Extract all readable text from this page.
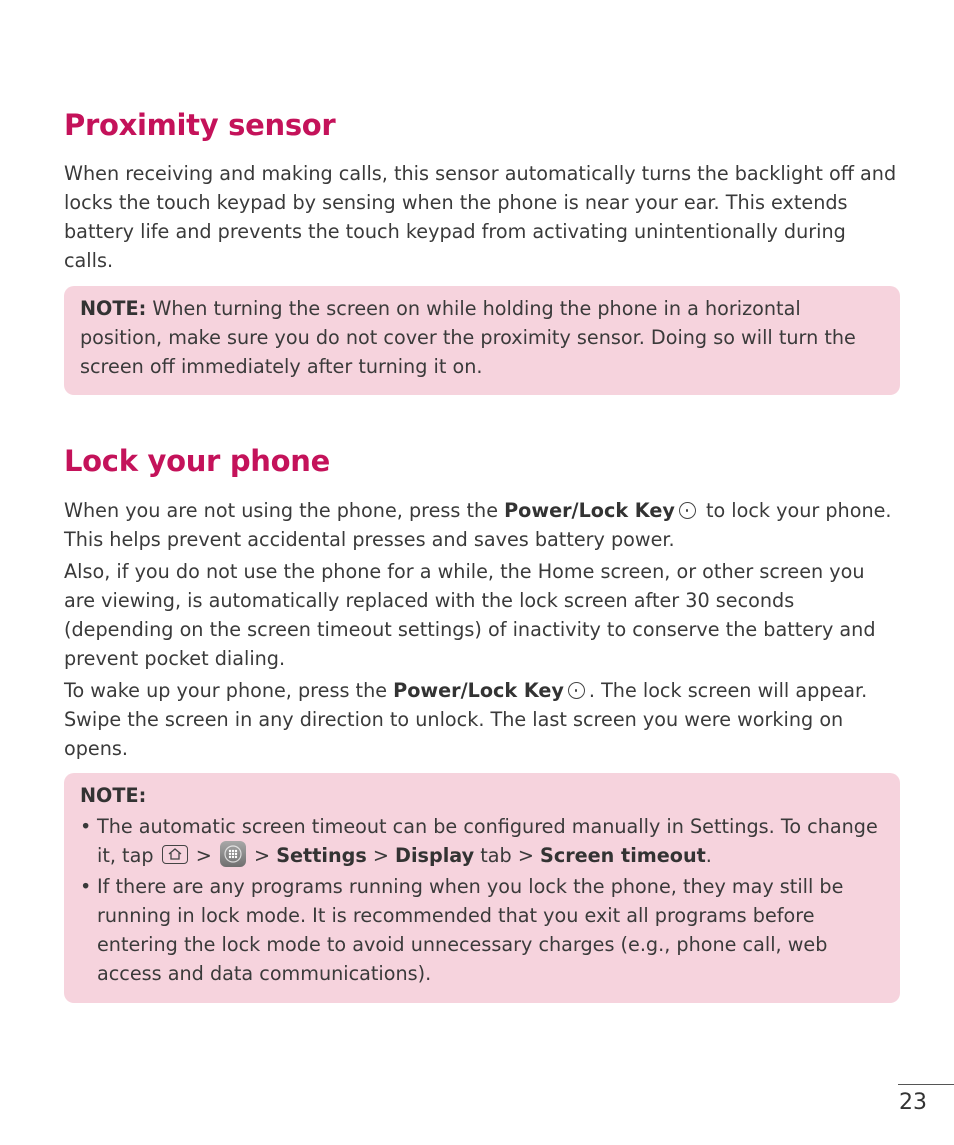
Proximity sensor

When receiving and making calls, this sensor automatically turns the backlight off and locks the touch keypad by sensing when the phone is near your ear. This extends battery life and prevents the touch keypad from activating unintentionally during calls.

NOTE: When turning the screen on while holding the phone in a horizontal position, make sure you do not cover the proximity sensor. Doing so will turn the screen off immediately after turning it on.

Lock your phone

When you are not using the phone, press the Power/Lock Key to lock your phone. This helps prevent accidental presses and saves battery power.

Also, if you do not use the phone for a while, the Home screen, or other screen you are viewing, is automatically replaced with the lock screen after 30 seconds (depending on the screen timeout settings) of inactivity to conserve the battery and prevent pocket dialing.

To wake up your phone, press the Power/Lock Key . The lock screen will appear. Swipe the screen in any direction to unlock. The last screen you were working on opens.

NOTE:

• The automatic screen timeout can be configured manually in Settings. To change it, tap
>
> Settings > Display tab > Screen timeout.
• If there are any programs running when you lock the phone, they may still be running in lock mode. It is recommended that you exit all programs before entering the lock mode to avoid unnecessary charges (e.g., phone call, web access and data communications).
23
